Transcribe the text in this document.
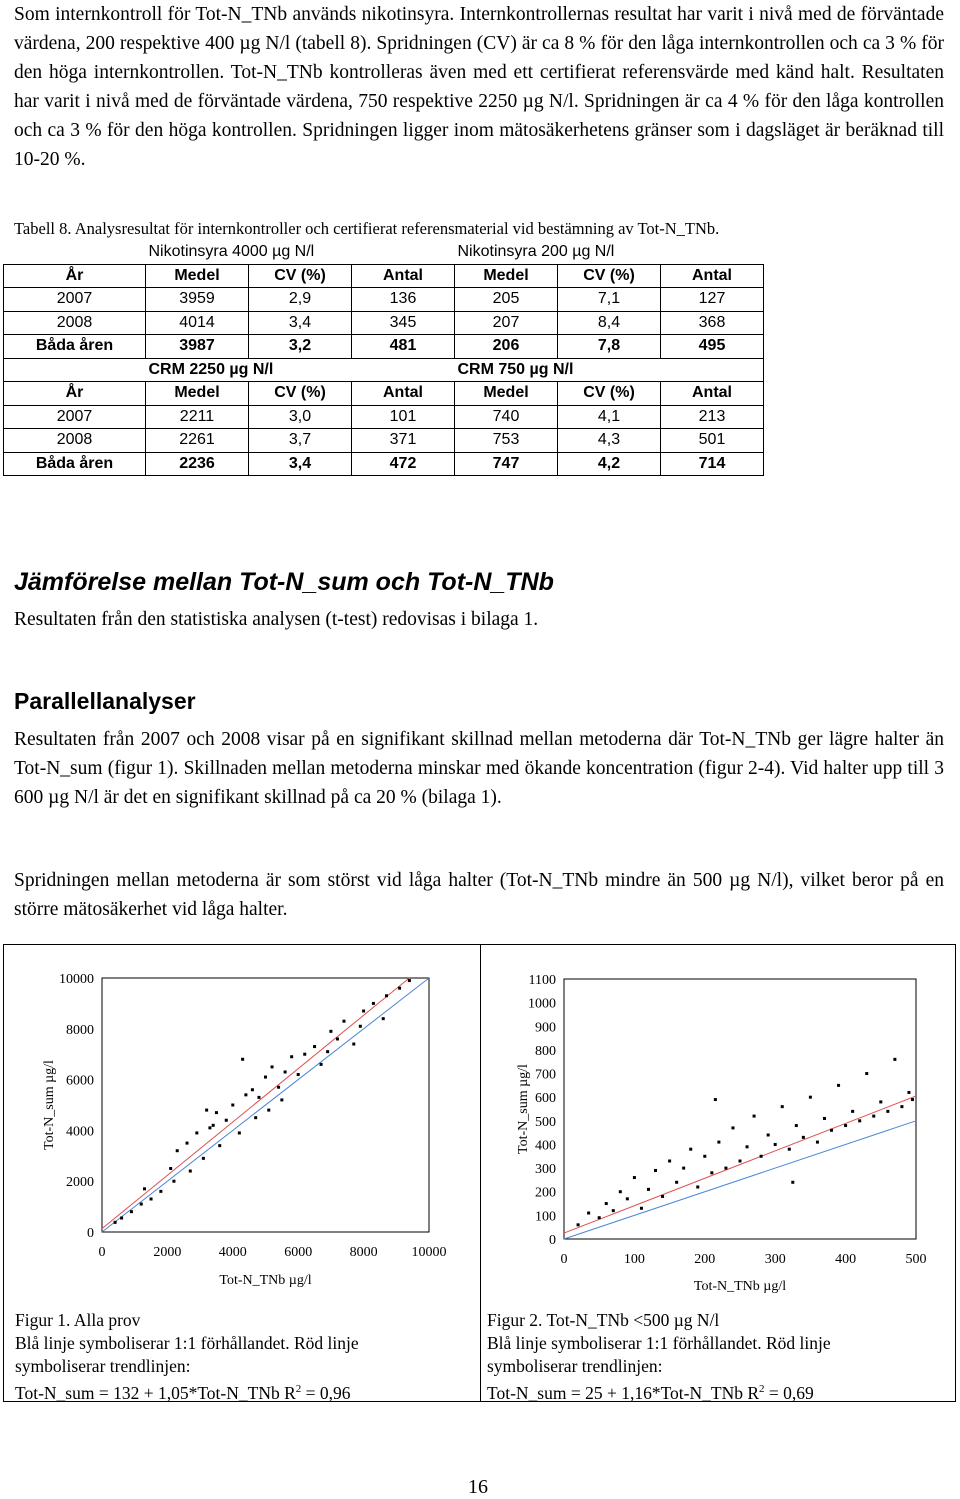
Som internkontroll för Tot-N_TNb används nikotinsyra. Internkontrollernas resultat har varit i nivå med de förväntade värdena, 200 respektive 400 µg N/l (tabell 8). Spridningen (CV) är ca 8 % för den låga internkontrollen och ca 3 % för den höga internkontrollen. Tot-N_TNb kontrolleras även med ett certifierat referensvärde med känd halt. Resultaten har varit i nivå med de förväntade värdena, 750 respektive 2250 µg N/l. Spridningen är ca 4 % för den låga kontrollen och ca 3 % för den höga kontrollen. Spridningen ligger inom mätosäkerhetens gränser som i dagsläget är beräknad till 10-20 %.

Tabell 8. Analysresultat för internkontroller och certifierat referensmaterial vid bestämning av Tot-N_TNb.

	Nikotinsyra 4000 µg N/l			Nikotinsyra 200 µg N/l		
År	Medel	CV (%)	Antal	Medel	CV (%)	Antal
2007	3959	2,9	136	205	7,1	127
2008	4014	3,4	345	207	8,4	368
Båda åren	3987	3,2	481	206	7,8	495
	CRM 2250 µg N/l			CRM 750 µg N/l		
År	Medel	CV (%)	Antal	Medel	CV (%)	Antal
2007	2211	3,0	101	740	4,1	213
2008	2261	3,7	371	753	4,3	501
Båda åren	2236	3,4	472	747	4,2	714
Jämförelse mellan Tot-N_sum och Tot-N_TNb

Resultaten från den statistiska analysen (t-test) redovisas i bilaga 1.

Parallellanalyser

Resultaten från 2007 och 2008 visar på en signifikant skillnad mellan metoderna där Tot-N_TNb ger lägre halter än Tot-N_sum (figur 1). Skillnaden mellan metoderna minskar med ökande koncentration (figur 2-4). Vid halter upp till 3 600 µg N/l är det en signifikant skillnad på ca 20 % (bilaga 1).

Spridningen mellan metoderna är som störst vid låga halter (Tot-N_TNb mindre än 500 µg N/l), vilket beror på en större mätosäkerhet vid låga halter.

0	2000	4000	6000	8000 10000
0
2000
4000
6000
8000
10000
Tot-N_TNb µg/l
Tot-N_sum µg/l
0	100	200	300	400	500
0
100
200
300
400
500
600
700
800
900
1000
1100
Tot-N_TNb µg/l
Tot-N_sum µg/l
Figur 1. Alla prov
Blå linje symboliserar 1:1 förhållandet. Röd linje
symboliserar trendlinjen:
Tot-N_sum = 132 + 1,05*Tot-N_TNb $R^2 = 0,96$
Figur 2. Tot-N_TNb <500 µg N/l
Blå linje symboliserar 1:1 förhållandet. Röd linje
symboliserar trendlinjen:
Tot-N_sum = 25 + 1,16*Tot-N_TNb $R^2 = 0,69$
16
